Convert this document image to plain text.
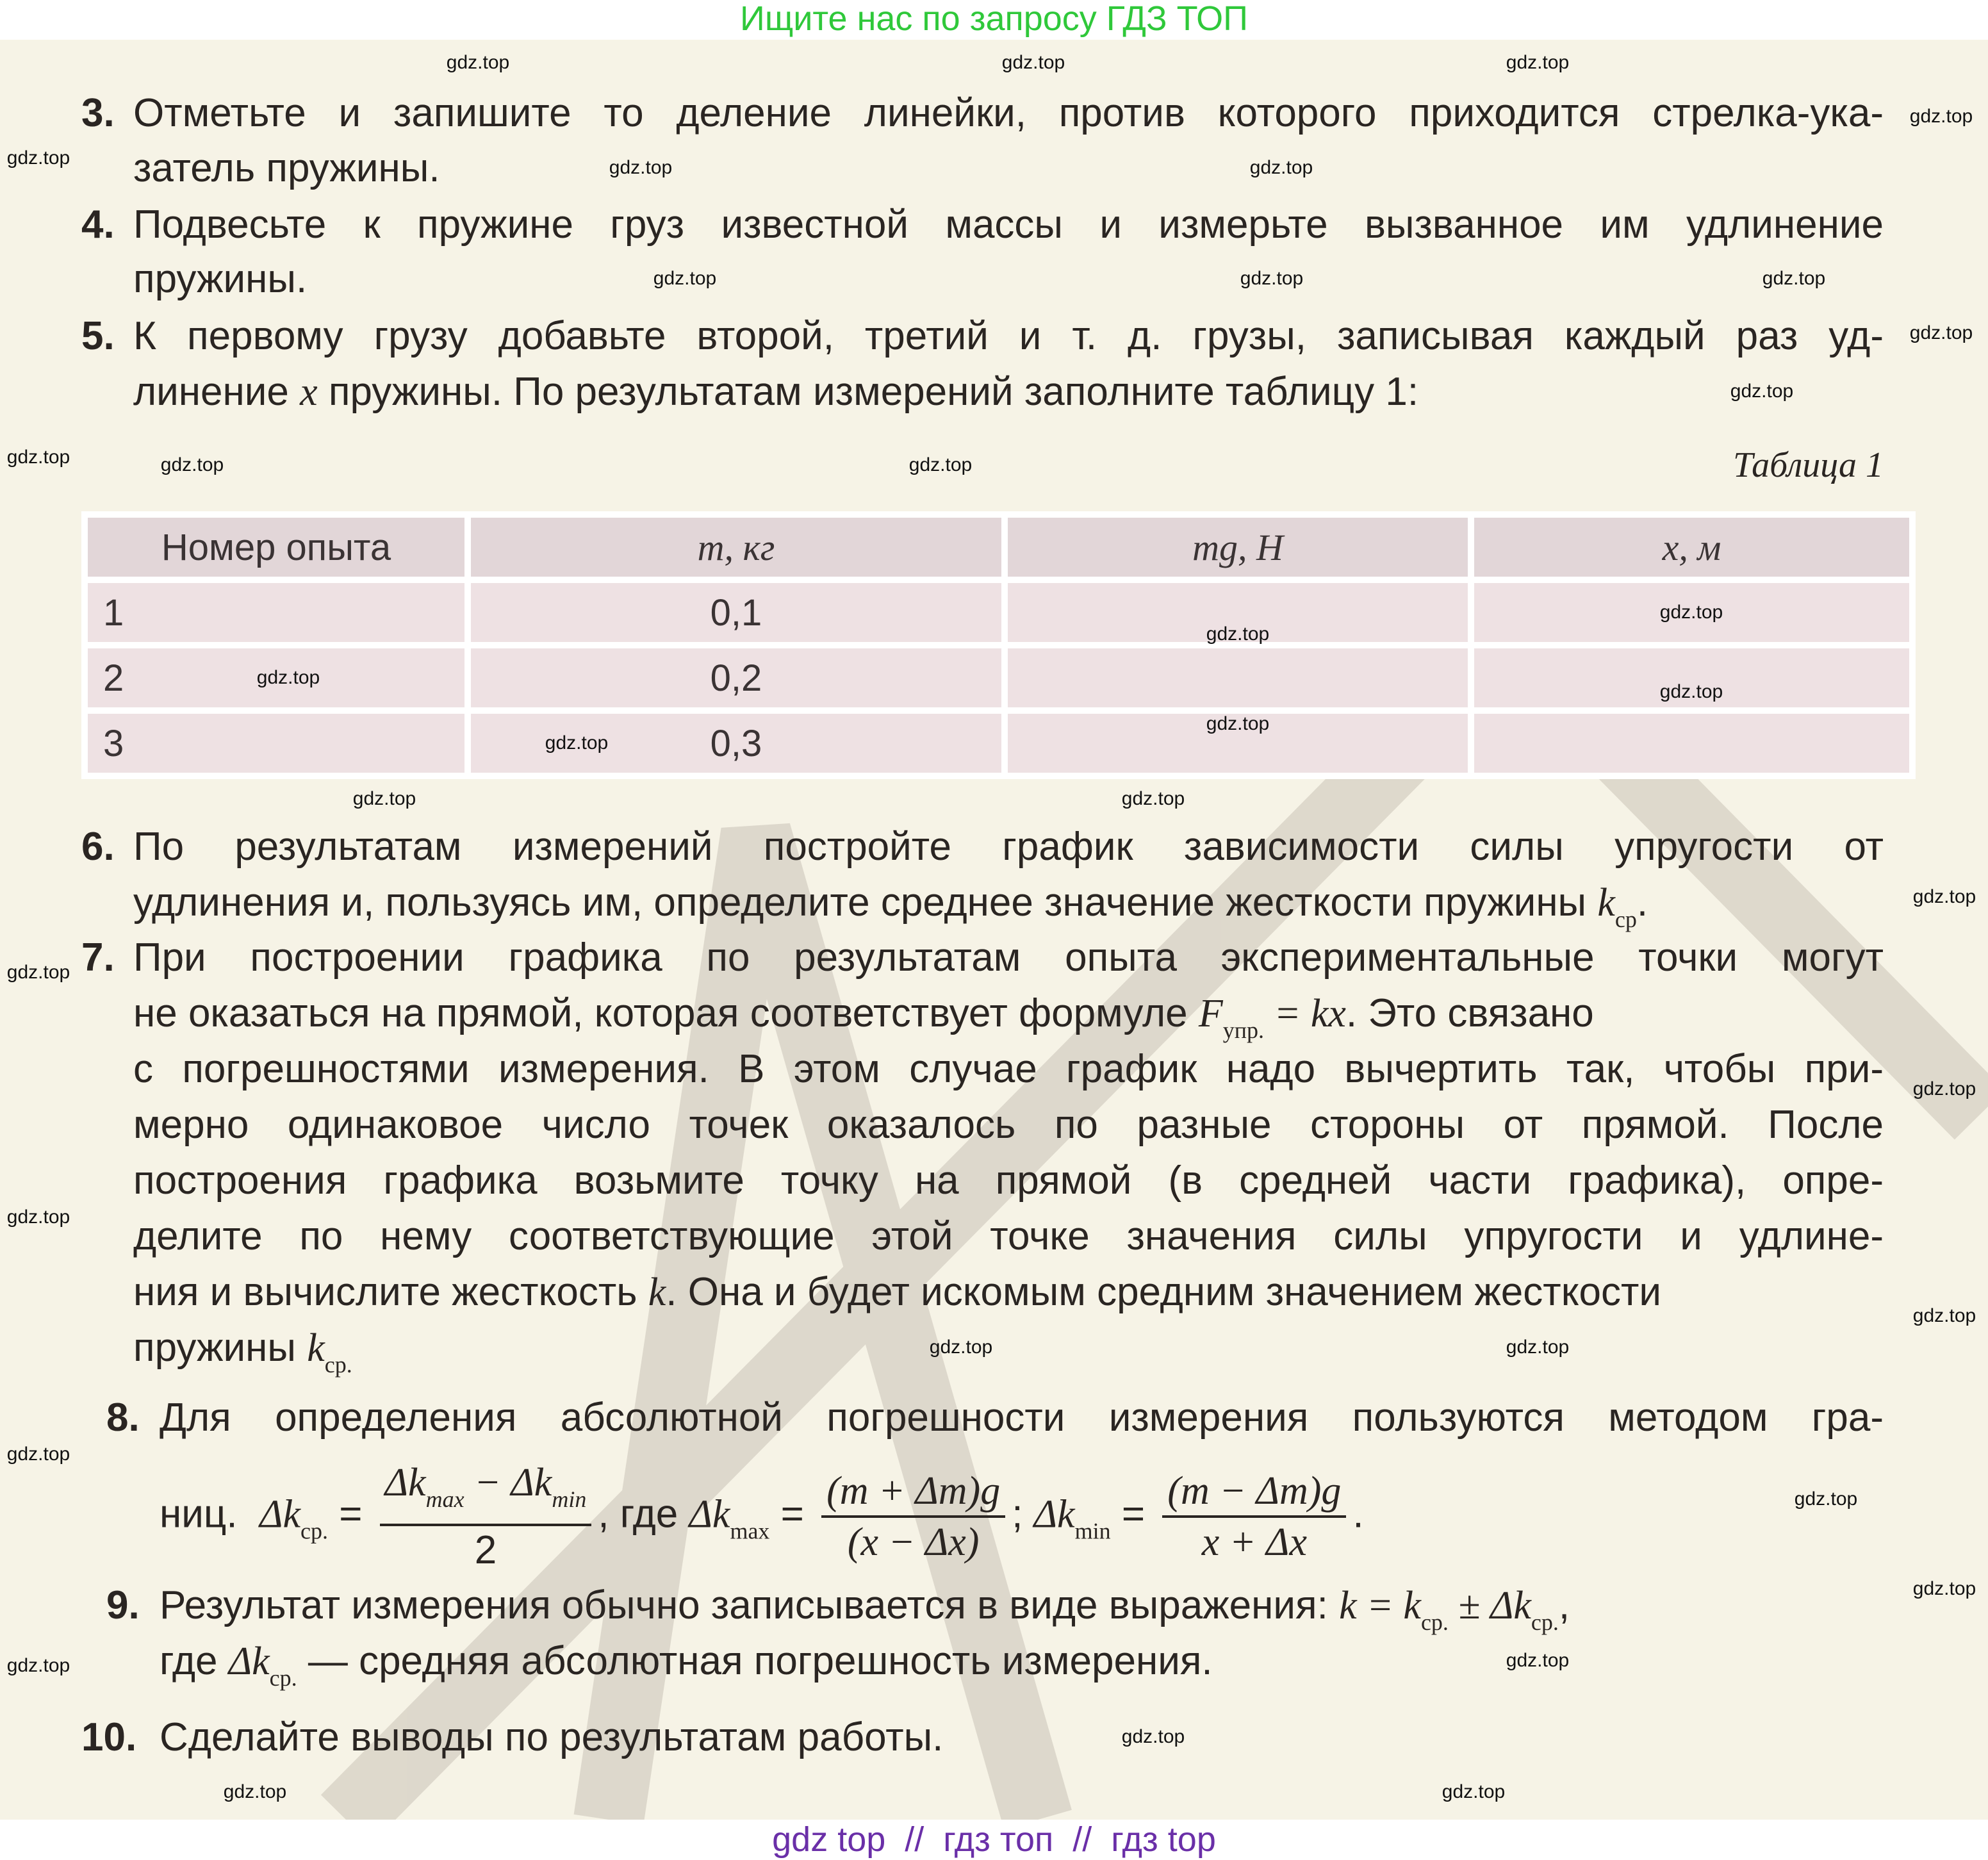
Ищите нас по запросу ГДЗ ТОП
3. Отметьте и запишите то деление линейки, против которого приходится стрелка-ука-
затель пружины.
4. Подвесьте к пружине груз известной массы и измерьте вызванное им удлинение
пружины.
5. К первому грузу добавьте второй, третий и т. д. грузы, записывая каждый раз уд-
линение x пружины. По результатам измерений заполните таблицу 1:
Таблица 1
Номер опыта	m, кг	mg, Н	x, м
1	0,1		
2	0,2		
3	0,3		
6. По результатам измерений постройте график зависимости силы упругости от
удлинения и, пользуясь им, определите среднее значение жесткости пружины $k_{ср}$.
7. При построении графика по результатам опыта экспериментальные точки могут
не оказаться на прямой, которая соответствует формуле $F_{упр.}$ = kx. Это связано
с погрешностями измерения. В этом случае график надо вычертить так, чтобы при-
мерно одинаковое число точек оказалось по разные стороны от прямой. После
построения графика возьмите точку на прямой (в средней части графика), опре-
делите по нему соответствующие этой точке значения силы упругости и удлине-
ния и вычислите жесткость k. Она и будет искомым средним значением жесткости
пружины $k_{ср.}$
8. Для определения абсолютной погрешности измерения пользуются методом гра-
ниц. $\Delta k_{ср.} = \frac{\Delta k_{max} - \Delta k_{min}}{2}$ , где $\Delta k_{max} = \frac{(m + \Delta m)g}{(x - \Delta x)}$ ; $\Delta k_{min} = \frac{(m - \Delta m)g}{x + \Delta x}$ .
9. Результат измерения обычно записывается в виде выражения: $k = k_{ср.} \pm \Delta k_{ср.}$,
где $\Delta k_{ср.}$ — средняя абсолютная погрешность измерения.
10. Сделайте выводы по результатам работы.
gdz.top	gdz.top	gdz.top
gdz.top
gdz.top
gdz.top
gdz.top
gdz.top
gdz.top
gdz.top
gdz.top
gdz.top
gdz.top
gdz.top
gdz.top
gdz.top	gdz.top
gdz.top	gdz.top	gdz.top
gdz.top
gdz.top	gdz.top
gdz.top
gdz.top
gdz.top
gdz.top
gdz.top
gdz.top
gdz.top	gdz.top
gdz.top	gdz.top
gdz.top
gdz.top
gdz.top
gdz.top	gdz.top
gdz top  //  гдз топ  //  гдз top
